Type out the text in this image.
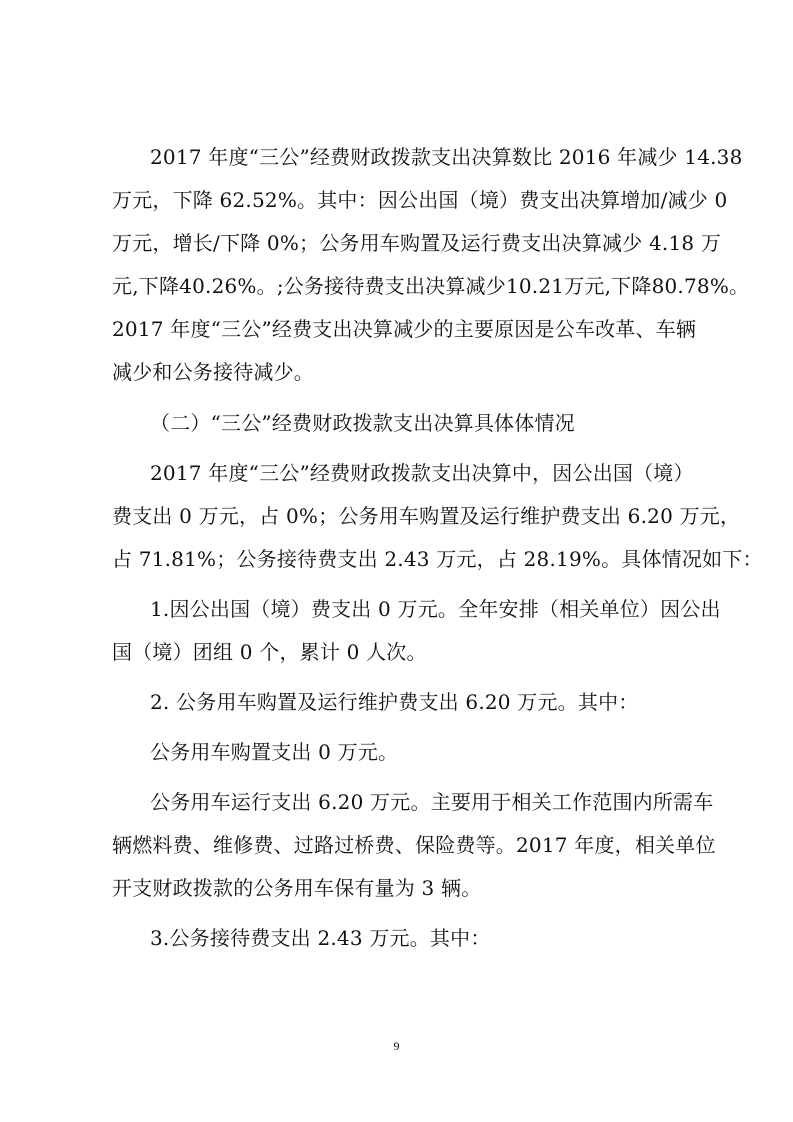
2017 年度“三公”经费财政拨款支出决算数比 2016 年减少 14.38
万元，下降 62.52%。其中：因公出国（境）费支出决算增加/减少 0
万元，增长/下降 0%；公务用车购置及运行费支出决算减少 4.18 万
元,下降40.26%。;公务接待费支出决算减少10.21万元,下降80.78%。
2017 年度“三公”经费支出决算减少的主要原因是公车改革、车辆
减少和公务接待减少。
（二）“三公”经费财政拨款支出决算具体体情况
2017 年度“三公”经费财政拨款支出决算中，因公出国（境）
费支出 0 万元，占 0%；公务用车购置及运行维护费支出 6.20 万元，
占 71.81%；公务接待费支出 2.43 万元，占 28.19%。具体情况如下：
1.因公出国（境）费支出 0 万元。全年安排（相关单位）因公出
国（境）团组 0 个，累计 0 人次。
2. 公务用车购置及运行维护费支出 6.20 万元。其中：
公务用车购置支出 0 万元。
公务用车运行支出 6.20 万元。主要用于相关工作范围内所需车
辆燃料费、维修费、过路过桥费、保险费等。2017 年度，相关单位
开支财政拨款的公务用车保有量为 3 辆。
3.公务接待费支出 2.43 万元。其中：
9
